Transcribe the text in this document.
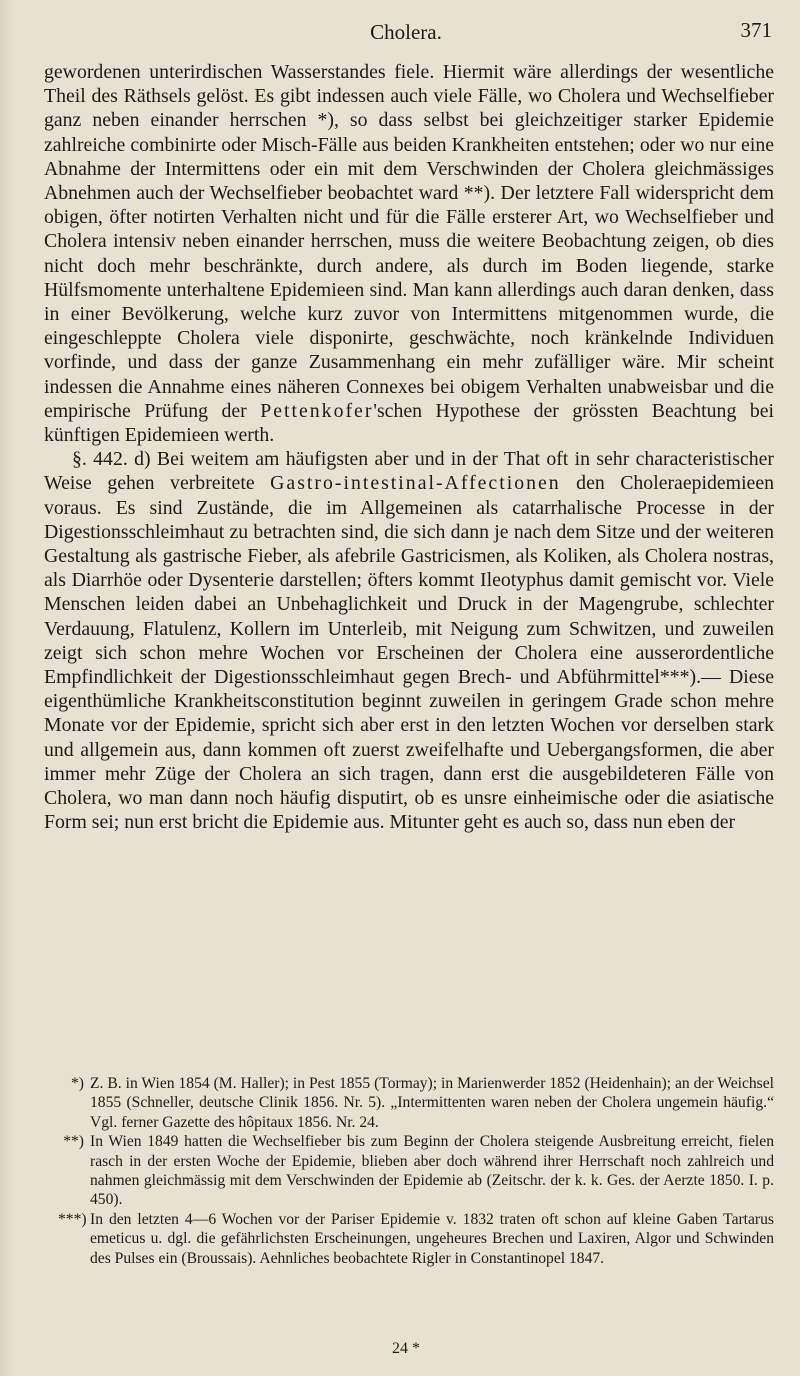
Cholera.	371

gewordenen unterirdischen Wasserstandes fiele. Hiermit wäre allerdings der wesentliche Theil des Räthsels gelöst. Es gibt indessen auch viele Fälle, wo Cholera und Wechselfieber ganz neben einander herrschen *), so dass selbst bei gleichzeitiger starker Epidemie zahlreiche combinirte oder Misch-Fälle aus beiden Krankheiten entstehen; oder wo nur eine Abnahme der Intermittens oder ein mit dem Verschwinden der Cholera gleichmässiges Abnehmen auch der Wechselfieber beobachtet ward **). Der letztere Fall widerspricht dem obigen, öfter notirten Verhalten nicht und für die Fälle ersterer Art, wo Wechselfieber und Cholera intensiv neben einander herrschen, muss die weitere Beobachtung zeigen, ob dies nicht doch mehr beschränkte, durch andere, als durch im Boden liegende, starke Hülfsmomente unterhaltene Epidemieen sind. Man kann allerdings auch daran denken, dass in einer Bevölkerung, welche kurz zuvor von Intermittens mitgenommen wurde, die eingeschleppte Cholera viele disponirte, geschwächte, noch kränkelnde Individuen vorfinde, und dass der ganze Zusammenhang ein mehr zufälliger wäre. Mir scheint indessen die Annahme eines näheren Connexes bei obigem Verhalten unabweisbar und die empirische Prüfung der Pettenkofer'schen Hypothese der grössten Beachtung bei künftigen Epidemieen werth.

§. 442. d) Bei weitem am häufigsten aber und in der That oft in sehr characteristischer Weise gehen verbreitete Gastro-intestinal-Affectionen den Choleraepidemieen voraus. Es sind Zustände, die im Allgemeinen als catarrhalische Processe in der Digestionsschleimhaut zu betrachten sind, die sich dann je nach dem Sitze und der weiteren Gestaltung als gastrische Fieber, als afebrile Gastricismen, als Koliken, als Cholera nostras, als Diarrhöe oder Dysenterie darstellen; öfters kommt Ileotyphus damit gemischt vor. Viele Menschen leiden dabei an Unbehaglichkeit und Druck in der Magengrube, schlechter Verdauung, Flatulenz, Kollern im Unterleib, mit Neigung zum Schwitzen, und zuweilen zeigt sich schon mehre Wochen vor Erscheinen der Cholera eine ausserordentliche Empfindlichkeit der Digestionsschleimhaut gegen Brech- und Abführmittel***).— Diese eigenthümliche Krankheitsconstitution beginnt zuweilen in geringem Grade schon mehre Monate vor der Epidemie, spricht sich aber erst in den letzten Wochen vor derselben stark und allgemein aus, dann kommen oft zuerst zweifelhafte und Uebergangsformen, die aber immer mehr Züge der Cholera an sich tragen, dann erst die ausgebildeteren Fälle von Cholera, wo man dann noch häufig disputirt, ob es unsre einheimische oder die asiatische Form sei; nun erst bricht die Epidemie aus. Mitunter geht es auch so, dass nun eben der

*) Z. B. in Wien 1854 (M. Haller); in Pest 1855 (Tormay); in Marienwerder 1852 (Heidenhain); an der Weichsel 1855 (Schneller, deutsche Clinik 1856. Nr. 5). „Intermittenten waren neben der Cholera ungemein häufig.“ Vgl. ferner Gazette des hôpitaux 1856. Nr. 24.

**) In Wien 1849 hatten die Wechselfieber bis zum Beginn der Cholera steigende Ausbreitung erreicht, fielen rasch in der ersten Woche der Epidemie, blieben aber doch während ihrer Herrschaft noch zahlreich und nahmen gleichmässig mit dem Verschwinden der Epidemie ab (Zeitschr. der k. k. Ges. der Aerzte 1850. I. p. 450).

***) In den letzten 4—6 Wochen vor der Pariser Epidemie v. 1832 traten oft schon auf kleine Gaben Tartarus emeticus u. dgl. die gefährlichsten Erscheinungen, ungeheures Brechen und Laxiren, Algor und Schwinden des Pulses ein (Broussais). Aehnliches beobachtete Rigler in Constantinopel 1847.

24 *
